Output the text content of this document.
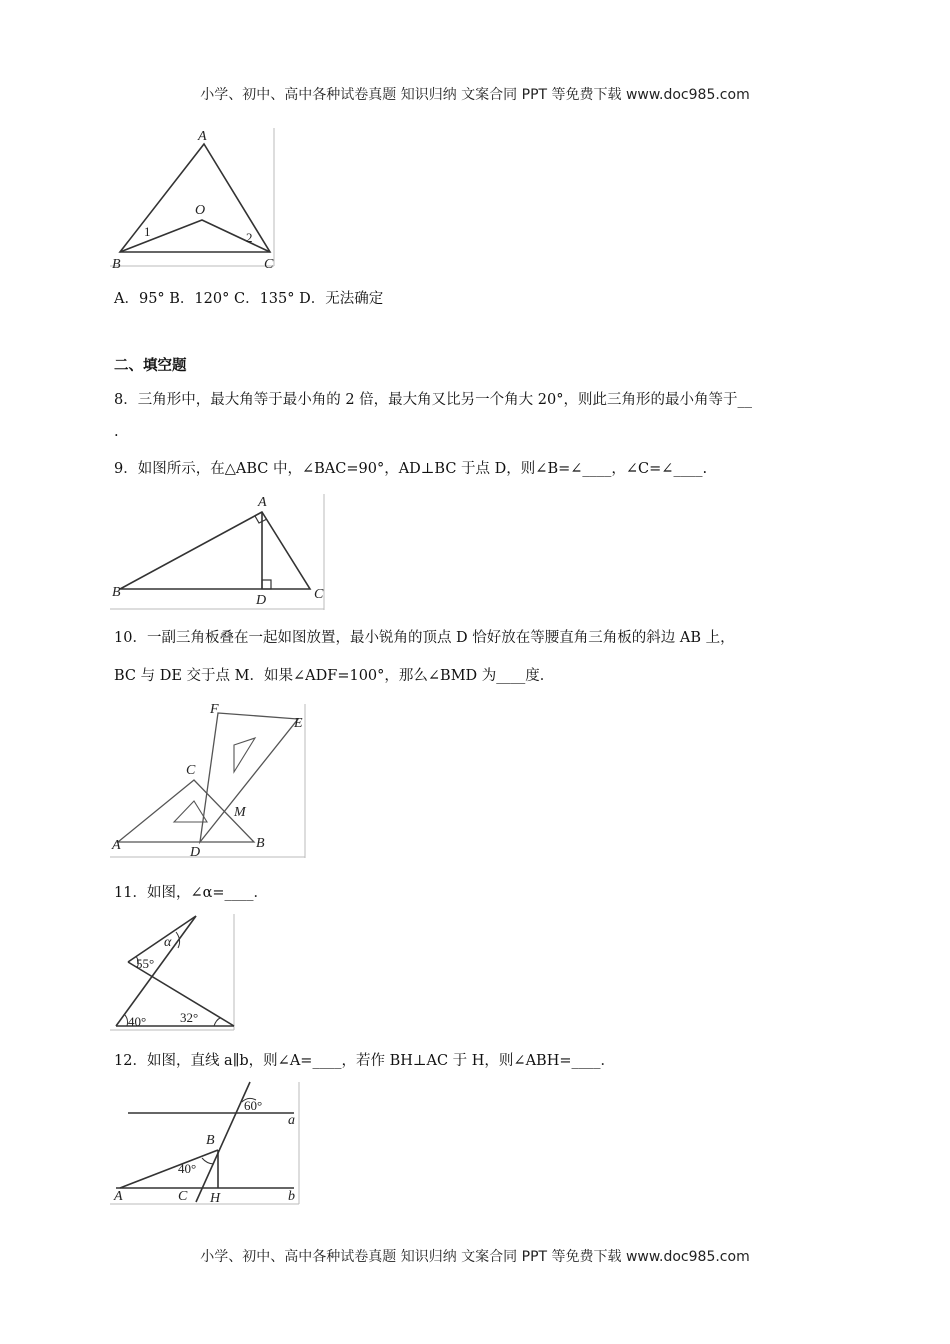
小学、初中、高中各种试卷真题 知识归纳 文案合同 PPT 等免费下载 www.doc985.com
A
O
B	C
1	2
A．95° B．120° C．135° D．无法确定
二、填空题
8．三角形中，最大角等于最小角的 2 倍，最大角又比另一个角大 20°，则此三角形的最小角等于__
.
9．如图所示，在△ABC 中，∠BAC=90°，AD⊥BC 于点 D，则∠B=∠____，∠C=∠____.
A
B	C
D
10．一副三角板叠在一起如图放置，最小锐角的顶点 D 恰好放在等腰直角三角板的斜边 AB 上，
BC 与 DE 交于点 M．如果∠ADF=100°，那么∠BMD 为____度．
F
E
C
M
A	D
B
11．如图，∠α=____．
α
55°
40°	32°
12．如图，直线 a∥b，则∠A=____，若作 BH⊥AC 于 H，则∠ABH=____．
60°
a
B
40°
A	C H	b
小学、初中、高中各种试卷真题 知识归纳 文案合同 PPT 等免费下载 www.doc985.com
